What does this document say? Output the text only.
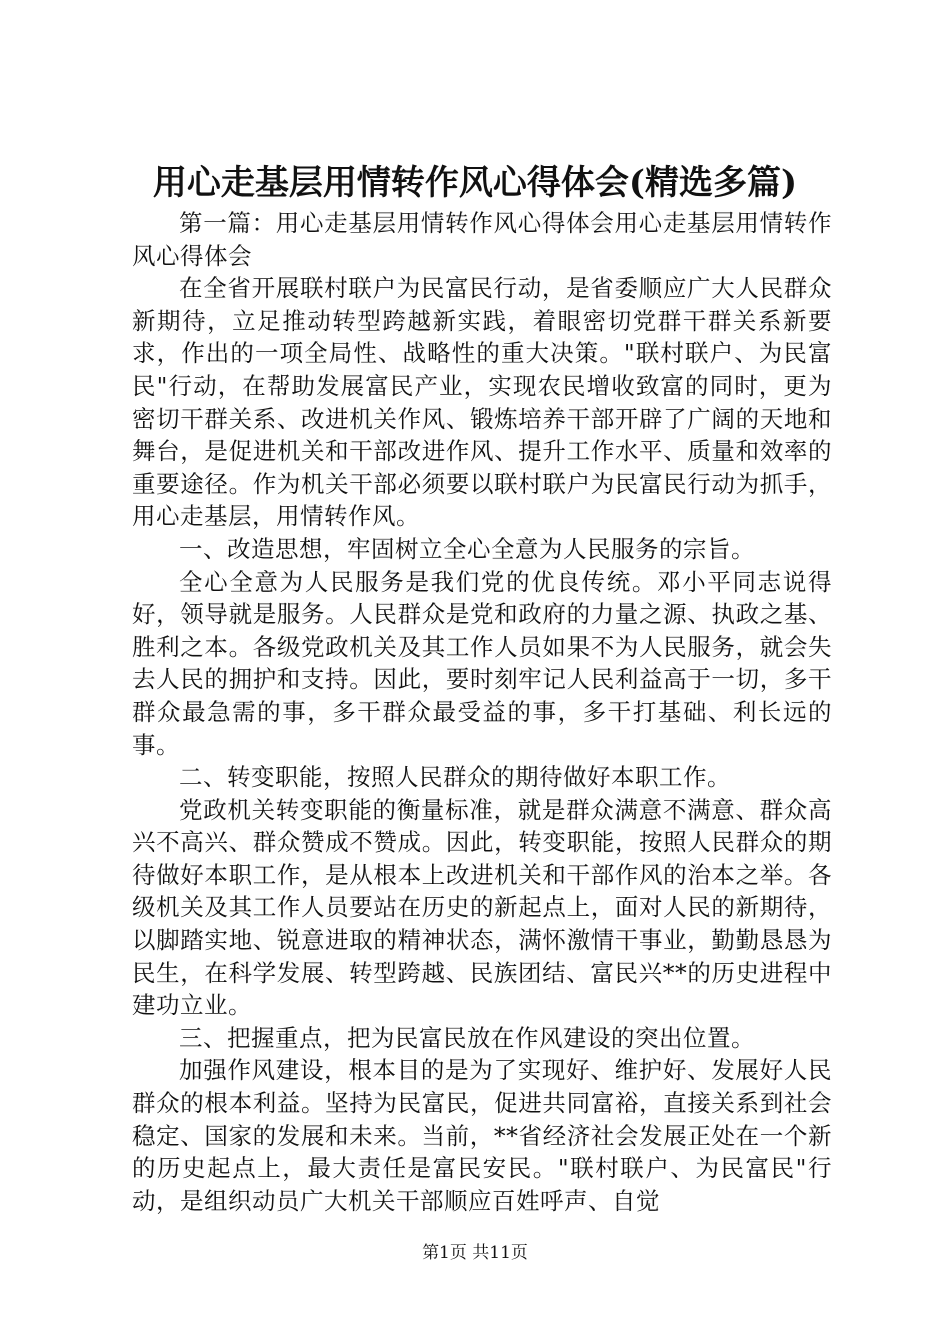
用心走基层用情转作风心得体会(精选多篇)

第一篇：用心走基层用情转作风心得体会用心走基层用情转作风心得体会

在全省开展联村联户为民富民行动，是省委顺应广大人民群众新期待，立足推动转型跨越新实践，着眼密切党群干群关系新要求，作出的一项全局性、战略性的重大决策。"联村联户、为民富民"行动，在帮助发展富民产业，实现农民增收致富的同时，更为密切干群关系、改进机关作风、锻炼培养干部开辟了广阔的天地和舞台，是促进机关和干部改进作风、提升工作水平、质量和效率的重要途径。作为机关干部必须要以联村联户为民富民行动为抓手，用心走基层，用情转作风。

一、改造思想，牢固树立全心全意为人民服务的宗旨。

全心全意为人民服务是我们党的优良传统。邓小平同志说得好，领导就是服务。人民群众是党和政府的力量之源、执政之基、胜利之本。各级党政机关及其工作人员如果不为人民服务，就会失去人民的拥护和支持。因此，要时刻牢记人民利益高于一切，多干群众最急需的事，多干群众最受益的事，多干打基础、利长远的事。

二、转变职能，按照人民群众的期待做好本职工作。

党政机关转变职能的衡量标准，就是群众满意不满意、群众高兴不高兴、群众赞成不赞成。因此，转变职能，按照人民群众的期待做好本职工作，是从根本上改进机关和干部作风的治本之举。各级机关及其工作人员要站在历史的新起点上，面对人民的新期待，以脚踏实地、锐意进取的精神状态，满怀激情干事业，勤勤恳恳为民生，在科学发展、转型跨越、民族团结、富民兴**的历史进程中建功立业。

三、把握重点，把为民富民放在作风建设的突出位置。

加强作风建设，根本目的是为了实现好、维护好、发展好人民群众的根本利益。坚持为民富民，促进共同富裕，直接关系到社会稳定、国家的发展和未来。当前，**省经济社会发展正处在一个新的历史起点上，最大责任是富民安民。"联村联户、为民富民"行动，是组织动员广大机关干部顺应百姓呼声、自觉

第1页 共11页
